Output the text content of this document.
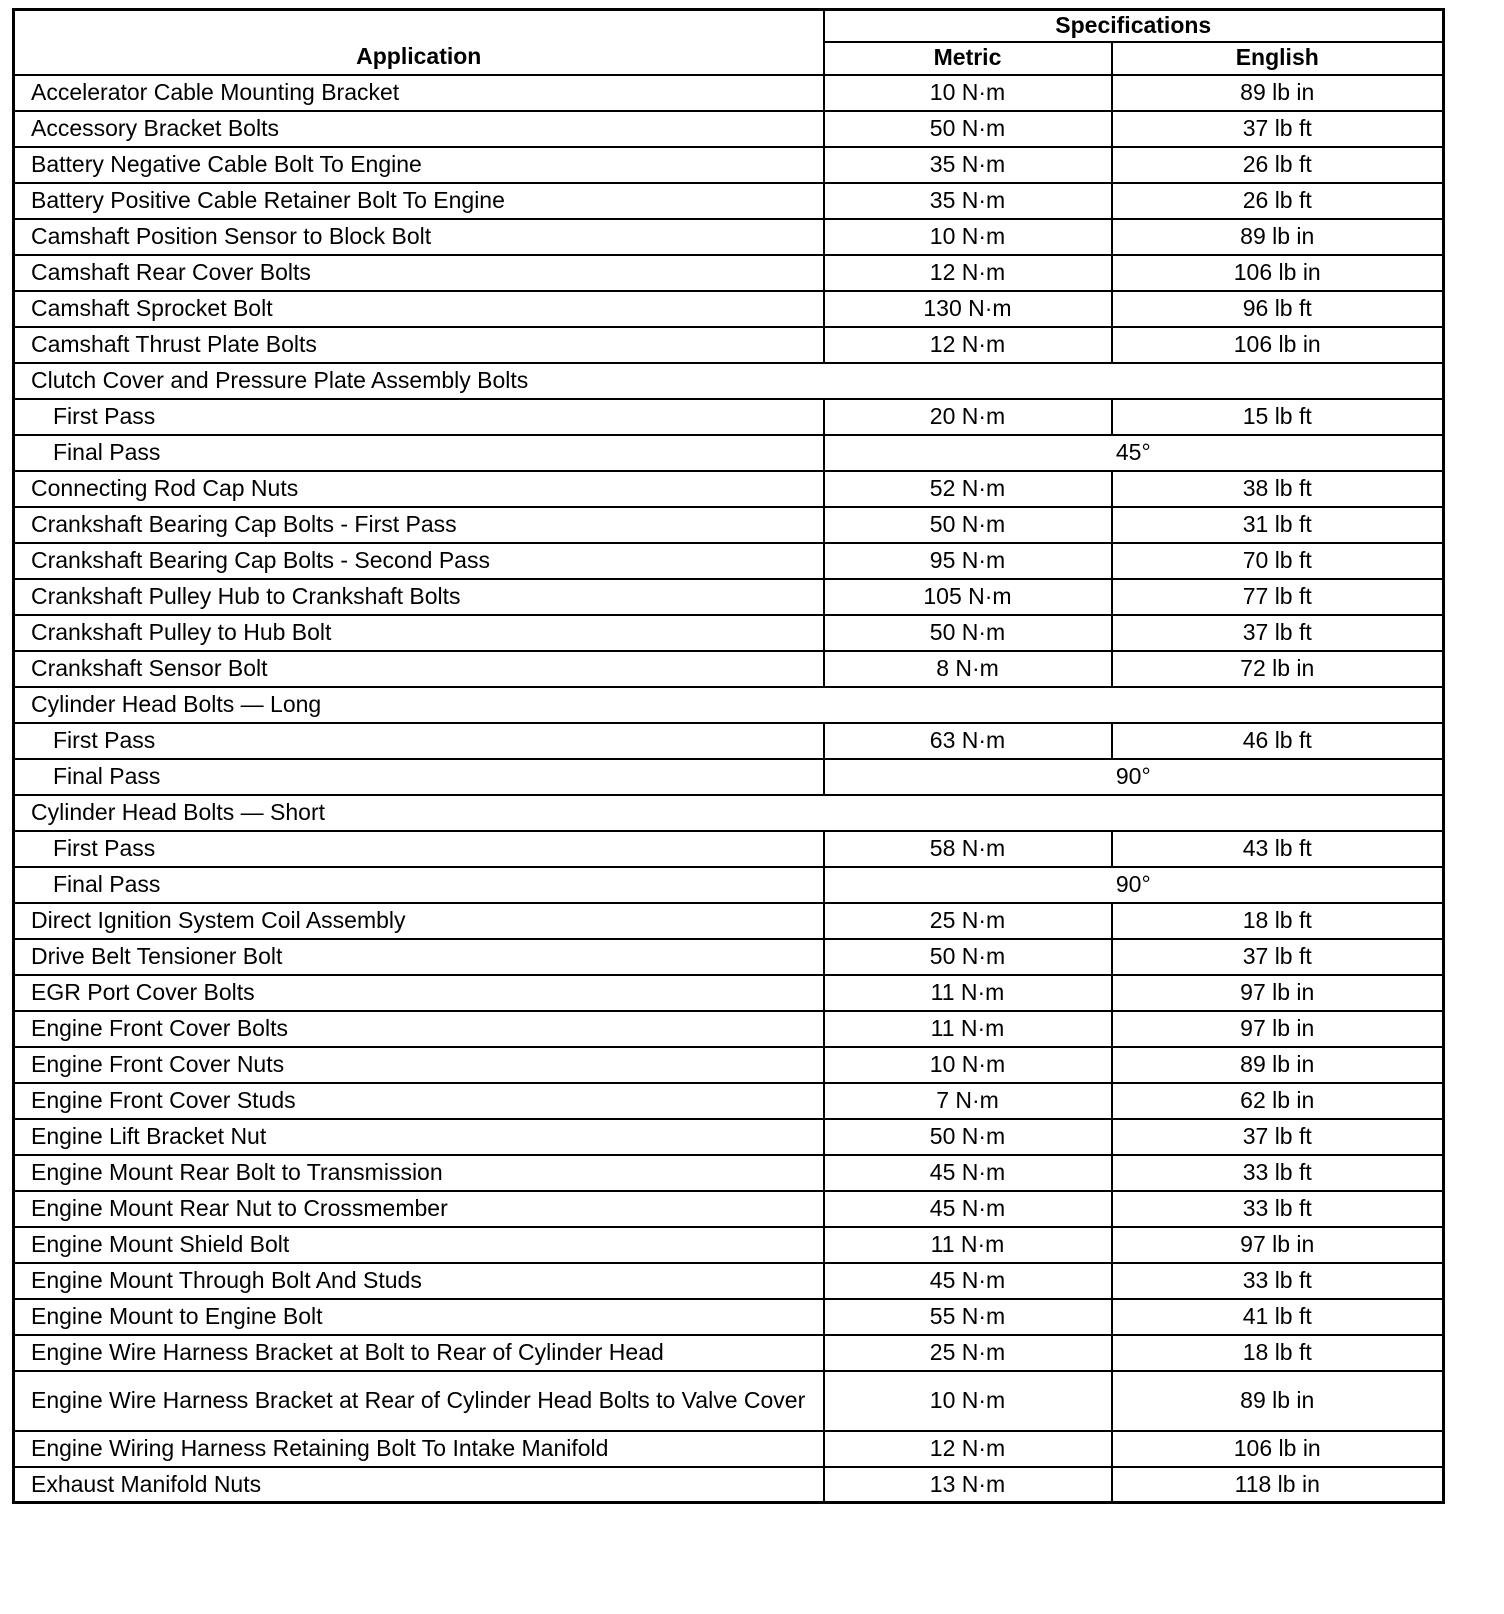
Application	Specifications	
	Metric	English
Accelerator Cable Mounting Bracket	10 N·m	89 lb in
Accessory Bracket Bolts	50 N·m	37 lb ft
Battery Negative Cable Bolt To Engine	35 N·m	26 lb ft
Battery Positive Cable Retainer Bolt To Engine	35 N·m	26 lb ft
Camshaft Position Sensor to Block Bolt	10 N·m	89 lb in
Camshaft Rear Cover Bolts	12 N·m	106 lb in
Camshaft Sprocket Bolt	130 N·m	96 lb ft
Camshaft Thrust Plate Bolts	12 N·m	106 lb in
Clutch Cover and Pressure Plate Assembly Bolts		
First Pass	20 N·m	15 lb ft
Final Pass	45°	
Connecting Rod Cap Nuts	52 N·m	38 lb ft
Crankshaft Bearing Cap Bolts - First Pass	50 N·m	31 lb ft
Crankshaft Bearing Cap Bolts - Second Pass	95 N·m	70 lb ft
Crankshaft Pulley Hub to Crankshaft Bolts	105 N·m	77 lb ft
Crankshaft Pulley to Hub Bolt	50 N·m	37 lb ft
Crankshaft Sensor Bolt	8 N·m	72 lb in
Cylinder Head Bolts — Long		
First Pass	63 N·m	46 lb ft
Final Pass	90°	
Cylinder Head Bolts — Short		
First Pass	58 N·m	43 lb ft
Final Pass	90°	
Direct Ignition System Coil Assembly	25 N·m	18 lb ft
Drive Belt Tensioner Bolt	50 N·m	37 lb ft
EGR Port Cover Bolts	11 N·m	97 lb in
Engine Front Cover Bolts	11 N·m	97 lb in
Engine Front Cover Nuts	10 N·m	89 lb in
Engine Front Cover Studs	7 N·m	62 lb in
Engine Lift Bracket Nut	50 N·m	37 lb ft
Engine Mount Rear Bolt to Transmission	45 N·m	33 lb ft
Engine Mount Rear Nut to Crossmember	45 N·m	33 lb ft
Engine Mount Shield Bolt	11 N·m	97 lb in
Engine Mount Through Bolt And Studs	45 N·m	33 lb ft
Engine Mount to Engine Bolt	55 N·m	41 lb ft
Engine Wire Harness Bracket at Bolt to Rear of Cylinder Head	25 N·m	18 lb ft
Engine Wire Harness Bracket at Rear of Cylinder Head Bolts to Valve Cover	10 N·m	89 lb in
Engine Wiring Harness Retaining Bolt To Intake Manifold	12 N·m	106 lb in
Exhaust Manifold Nuts	13 N·m	118 lb in
